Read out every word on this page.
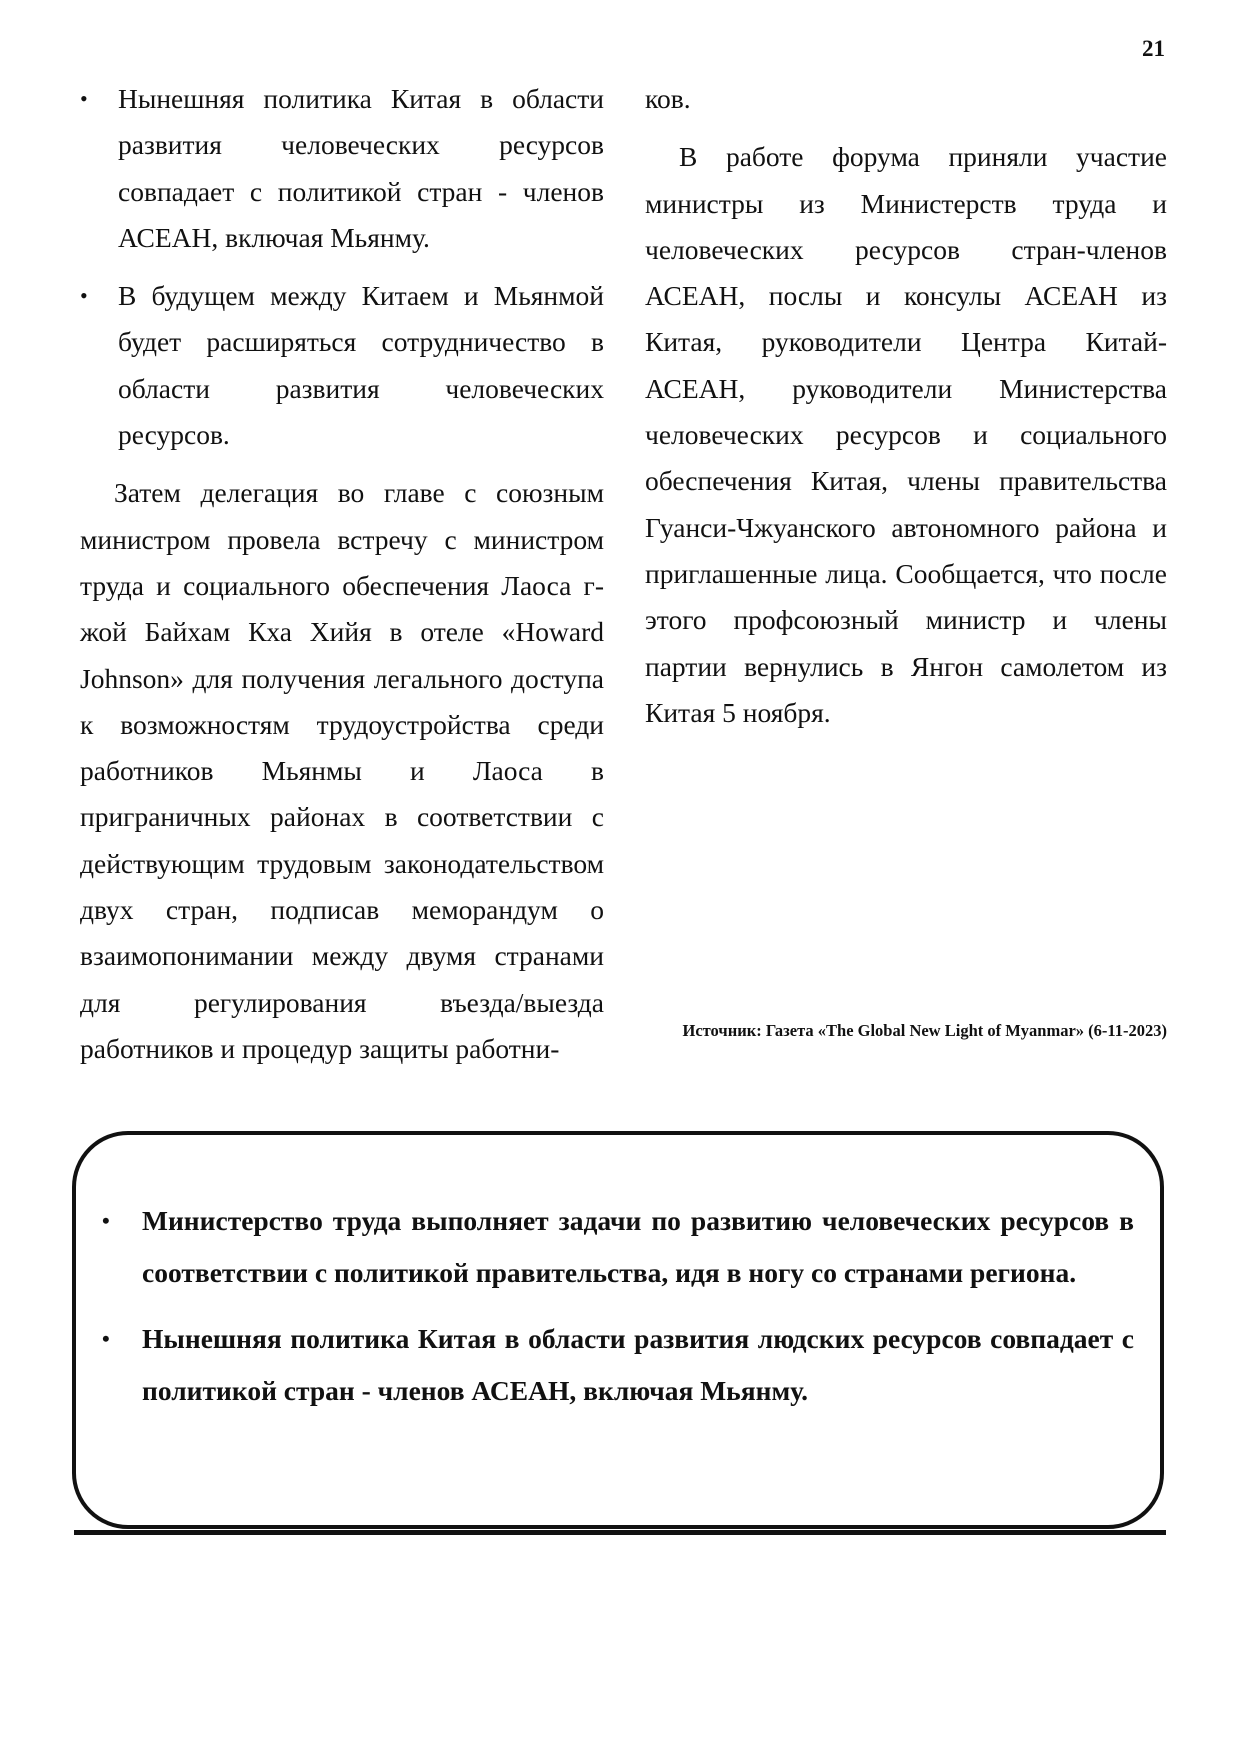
21
• Нынешняя политика Китая в области развития человеческих ресурсов совпадает с политикой стран - членов АСЕАН, включая Мьянму.
• В будущем между Китаем и Мьянмой будет расширяться сотрудничество в области развития человеческих ресурсов.

Затем делегация во главе с союзным министром провела встречу с министром труда и социального обеспечения Лаоса г-жой Байхам Кха Хийя в отеле «Howard Johnson» для получения легального доступа к возможностям трудоустройства среди работников Мьянмы и Лаоса в приграничных районах в соответствии с действующим трудовым законодательством двух стран, подписав меморандум о взаимопонимании между двумя странами для регулирования въезда/выезда работников и процедур защиты работни-

ков.

В работе форума приняли участие министры из Министерств труда и человеческих ресурсов стран-членов АСЕАН, послы и консулы АСЕАН из Китая, руководители Центра Китай-АСЕАН, руководители Министерства человеческих ресурсов и социального обеспечения Китая, члены правительства Гуанси-Чжуанского автономного района и приглашенные лица. Сообщается, что после этого профсоюзный министр и члены партии вернулись в Янгон самолетом из Китая 5 ноября.

Источник: Газета «The Global New Light of Myanmar» (6-11-2023)
• Министерство труда выполняет задачи по развитию человеческих ресурсов в соответствии с политикой правительства, идя в ногу со странами региона.
• Нынешняя политика Китая в области развития людских ресурсов совпадает с политикой стран - членов АСЕАН, включая Мьянму.
